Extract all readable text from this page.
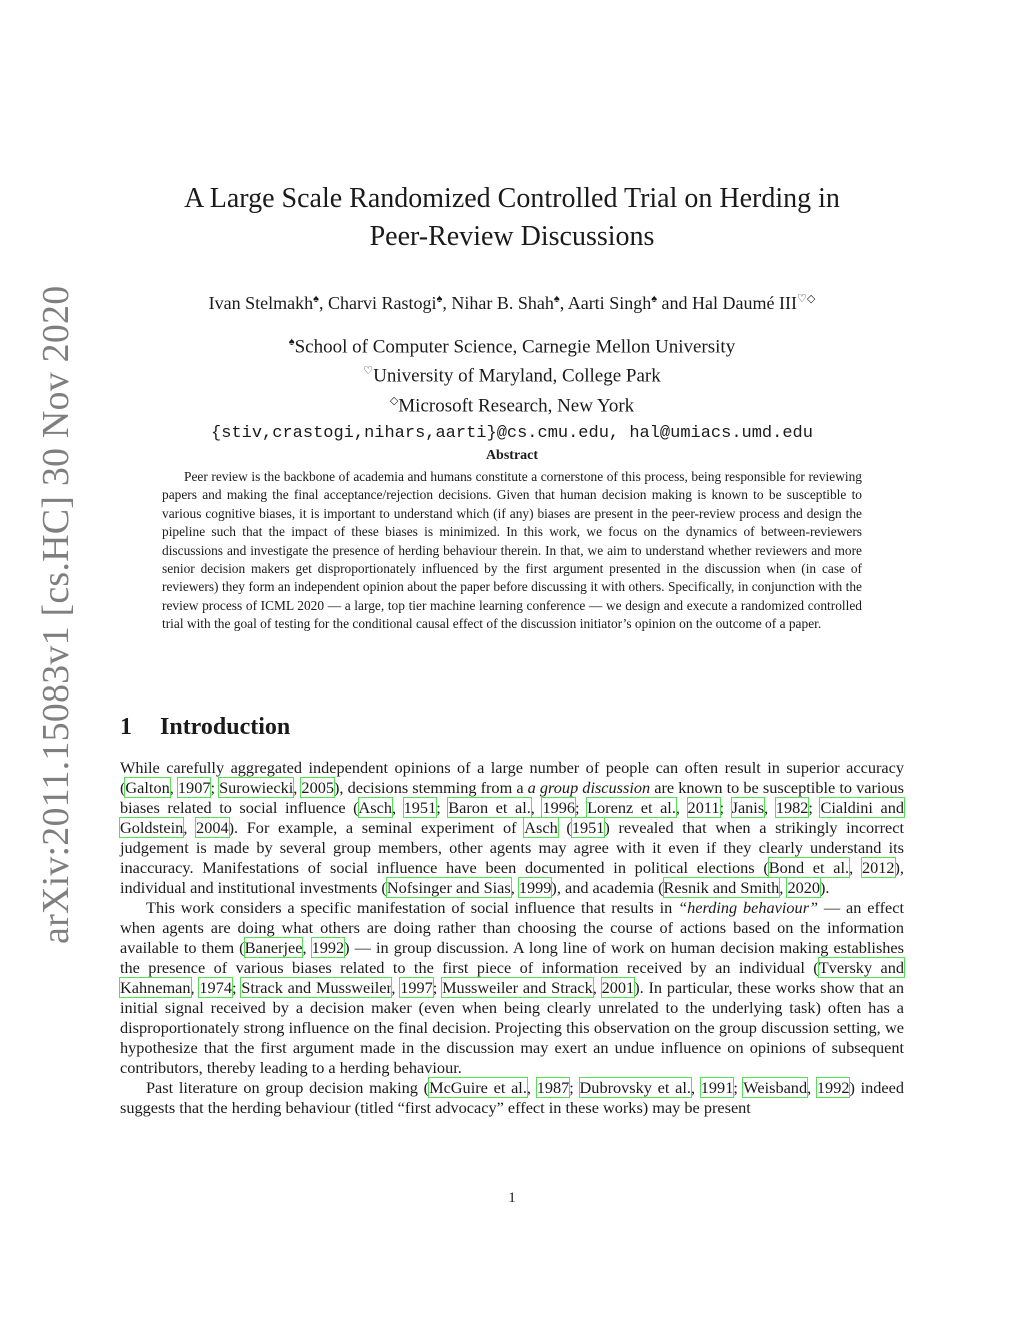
arXiv:2011.15083v1 [cs.HC] 30 Nov 2020
A Large Scale Randomized Controlled Trial on Herding in
Peer-Review Discussions
Ivan Stelmakh♠, Charvi Rastogi♠, Nihar B. Shah♠, Aarti Singh♠ and Hal Daumé III♡◇
♠School of Computer Science, Carnegie Mellon University
♡University of Maryland, College Park
◇Microsoft Research, New York
{stiv,crastogi,nihars,aarti}@cs.cmu.edu, hal@umiacs.umd.edu
Abstract

Peer review is the backbone of academia and humans constitute a cornerstone of this process, being responsible for reviewing papers and making the final acceptance/rejection decisions. Given that human decision making is known to be susceptible to various cognitive biases, it is important to understand which (if any) biases are present in the peer-review process and design the pipeline such that the impact of these biases is minimized. In this work, we focus on the dynamics of between-reviewers discussions and investigate the presence of herding behaviour therein. In that, we aim to understand whether reviewers and more senior decision makers get disproportionately influenced by the first argument presented in the discussion when (in case of reviewers) they form an independent opinion about the paper before discussing it with others. Specifically, in conjunction with the review process of ICML 2020 — a large, top tier machine learning conference — we design and execute a randomized controlled trial with the goal of testing for the conditional causal effect of the discussion initiator’s opinion on the outcome of a paper.

1 Introduction

While carefully aggregated independent opinions of a large number of people can often result in superior accuracy (Galton, 1907; Surowiecki, 2005), decisions stemming from a a group discussion are known to be susceptible to various biases related to social influence (Asch, 1951; Baron et al., 1996; Lorenz et al., 2011; Janis, 1982; Cialdini and Goldstein, 2004). For example, a seminal experiment of Asch (1951) revealed that when a strikingly incorrect judgement is made by several group members, other agents may agree with it even if they clearly understand its inaccuracy. Manifestations of social influence have been documented in political elections (Bond et al., 2012), individual and institutional investments (Nofsinger and Sias, 1999), and academia (Resnik and Smith, 2020).

This work considers a specific manifestation of social influence that results in “herding behaviour” — an effect when agents are doing what others are doing rather than choosing the course of actions based on the information available to them (Banerjee, 1992) — in group discussion. A long line of work on human decision making establishes the presence of various biases related to the first piece of information received by an individual (Tversky and Kahneman, 1974; Strack and Mussweiler, 1997; Mussweiler and Strack, 2001). In particular, these works show that an initial signal received by a decision maker (even when being clearly unrelated to the underlying task) often has a disproportionately strong influence on the final decision. Projecting this observation on the group discussion setting, we hypothesize that the first argument made in the discussion may exert an undue influence on opinions of subsequent contributors, thereby leading to a herding behaviour.

Past literature on group decision making (McGuire et al., 1987; Dubrovsky et al., 1991; Weisband, 1992) indeed suggests that the herding behaviour (titled “first advocacy” effect in these works) may be present

1
